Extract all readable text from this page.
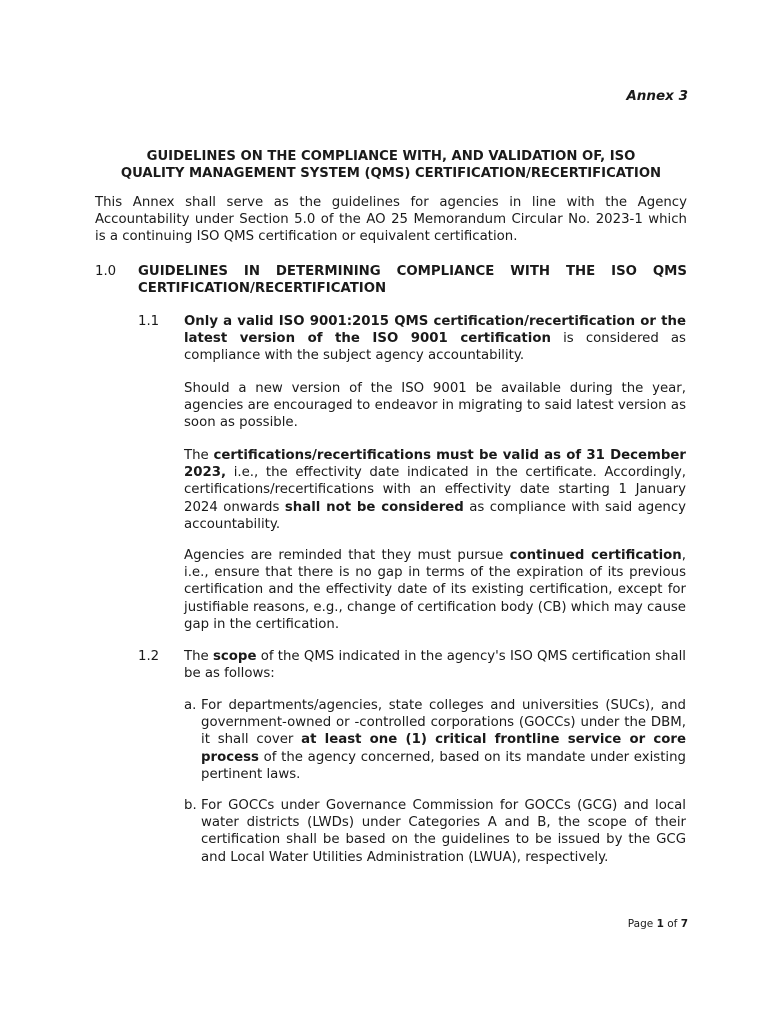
Annex 3
GUIDELINES ON THE COMPLIANCE WITH, AND VALIDATION OF, ISO
QUALITY MANAGEMENT SYSTEM (QMS) CERTIFICATION/RECERTIFICATION
This Annex shall serve as the guidelines for agencies in line with the Agency Accountability under Section 5.0 of the AO 25 Memorandum Circular No. 2023-1 which is a continuing ISO QMS certification or equivalent certification.
1.0 GUIDELINES IN DETERMINING COMPLIANCE WITH THE ISO QMS CERTIFICATION/RECERTIFICATION
1.1 Only a valid ISO 9001:2015 QMS certification/recertification or the latest version of the ISO 9001 certification is considered as compliance with the subject agency accountability.
Should a new version of the ISO 9001 be available during the year, agencies are encouraged to endeavor in migrating to said latest version as soon as possible.
The certifications/recertifications must be valid as of 31 December 2023, i.e., the effectivity date indicated in the certificate. Accordingly, certifications/recertifications with an effectivity date starting 1 January 2024 onwards shall not be considered as compliance with said agency accountability.
Agencies are reminded that they must pursue continued certification, i.e., ensure that there is no gap in terms of the expiration of its previous certification and the effectivity date of its existing certification, except for justifiable reasons, e.g., change of certification body (CB) which may cause gap in the certification.
1.2 The scope of the QMS indicated in the agency's ISO QMS certification shall be as follows:
a. For departments/agencies, state colleges and universities (SUCs), and government-owned or -controlled corporations (GOCCs) under the DBM, it shall cover at least one (1) critical frontline service or core process of the agency concerned, based on its mandate under existing pertinent laws.
b. For GOCCs under Governance Commission for GOCCs (GCG) and local water districts (LWDs) under Categories A and B, the scope of their certification shall be based on the guidelines to be issued by the GCG and Local Water Utilities Administration (LWUA), respectively.
Page 1 of 7
